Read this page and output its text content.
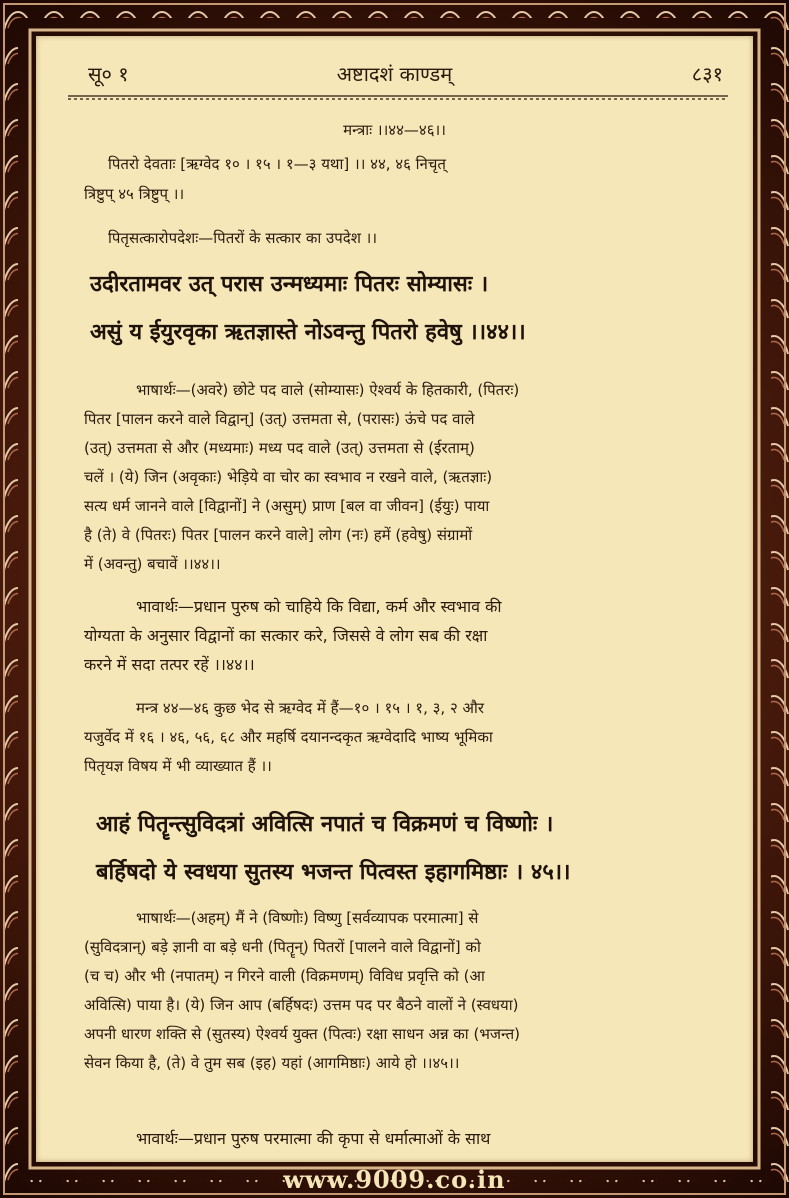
सू० १	अष्टादशं काण्डम्	८३१
मन्त्राः ।।४४—४६।।
पितरो देवताः [ऋग्वेद १० । १५ । १—३ यथा] ।। ४४, ४६ निचृत्
त्रिष्टुप् ४५ त्रिष्टुप् ।।
पितृसत्कारोपदेशः—पितरों के सत्कार का उपदेश ।।
उदीरतामवर उत् परास उन्मध्यमाः पितरः सोम्यासः ।
असुं य ईयुरवृका ऋतज्ञास्ते नोऽवन्तु पितरो हवेषु ।।४४।।

भाषार्थः—(अवरे) छोटे पद वाले (सोम्यासः) ऐश्वर्य के हितकारी, (पितरः)

पितर [पालन करने वाले विद्वान्] (उत्) उत्तमता से, (परासः) ऊंचे पद वाले

(उत्) उत्तमता से और (मध्यमाः) मध्य पद वाले (उत्) उत्तमता से (ईरताम्)

चलें । (ये) जिन (अवृकाः) भेड़िये वा चोर का स्वभाव न रखने वाले, (ऋतज्ञाः)

सत्य धर्म जानने वाले [विद्वानों] ने (असुम्) प्राण [बल वा जीवन] (ईयुः) पाया

है (ते) वे (पितरः) पितर [पालन करने वाले] लोग (नः) हमें (हवेषु) संग्रामों

में (अवन्तु) बचावें ।।४४।।

भावार्थः—प्रधान पुरुष को चाहिये कि विद्या, कर्म और स्वभाव की

योग्यता के अनुसार विद्वानों का सत्कार करे, जिससे वे लोग सब की रक्षा

करने में सदा तत्पर रहें ।।४४।।

मन्त्र ४४—४६ कुछ भेद से ऋग्वेद में हैं—१० । १५ । १, ३, २ और

यजुर्वेद में १६ । ४६, ५६, ६८ और महर्षि दयानन्दकृत ऋग्वेदादि भाष्य भूमिका

पितृयज्ञ विषय में भी व्याख्यात हैं ।।

आहं पितॄन्त्सुविदत्रां अवित्सि नपातं च विक्रमणं च विष्णोः ।
बर्हिषदो ये स्वधया सुतस्य भजन्त पित्वस्त इहागमिष्ठाः । ४५।।

भाषार्थः—(अहम्) मैं ने (विष्णोः) विष्णु [सर्वव्यापक परमात्मा] से

(सुविदत्रान्) बड़े ज्ञानी वा बड़े धनी (पितॄन्) पितरों [पालने वाले विद्वानों] को

(च च) और भी (नपातम्) न गिरने वाली (विक्रमणम्) विविध प्रवृत्ति को (आ

अवित्सि) पाया है। (ये) जिन आप (बर्हिषदः) उत्तम पद पर बैठने वालों ने (स्वधया)

अपनी धारण शक्ति से (सुतस्य) ऐश्वर्य युक्त (पित्वः) रक्षा साधन अन्न का (भजन्त)

सेवन किया है, (ते) वे तुम सब (इह) यहां (आगमिष्ठाः) आये हो ।।४५।।

भावार्थः—प्रधान पुरुष परमात्मा की कृपा से धर्मात्माओं के साथ
www.9009.co.in
